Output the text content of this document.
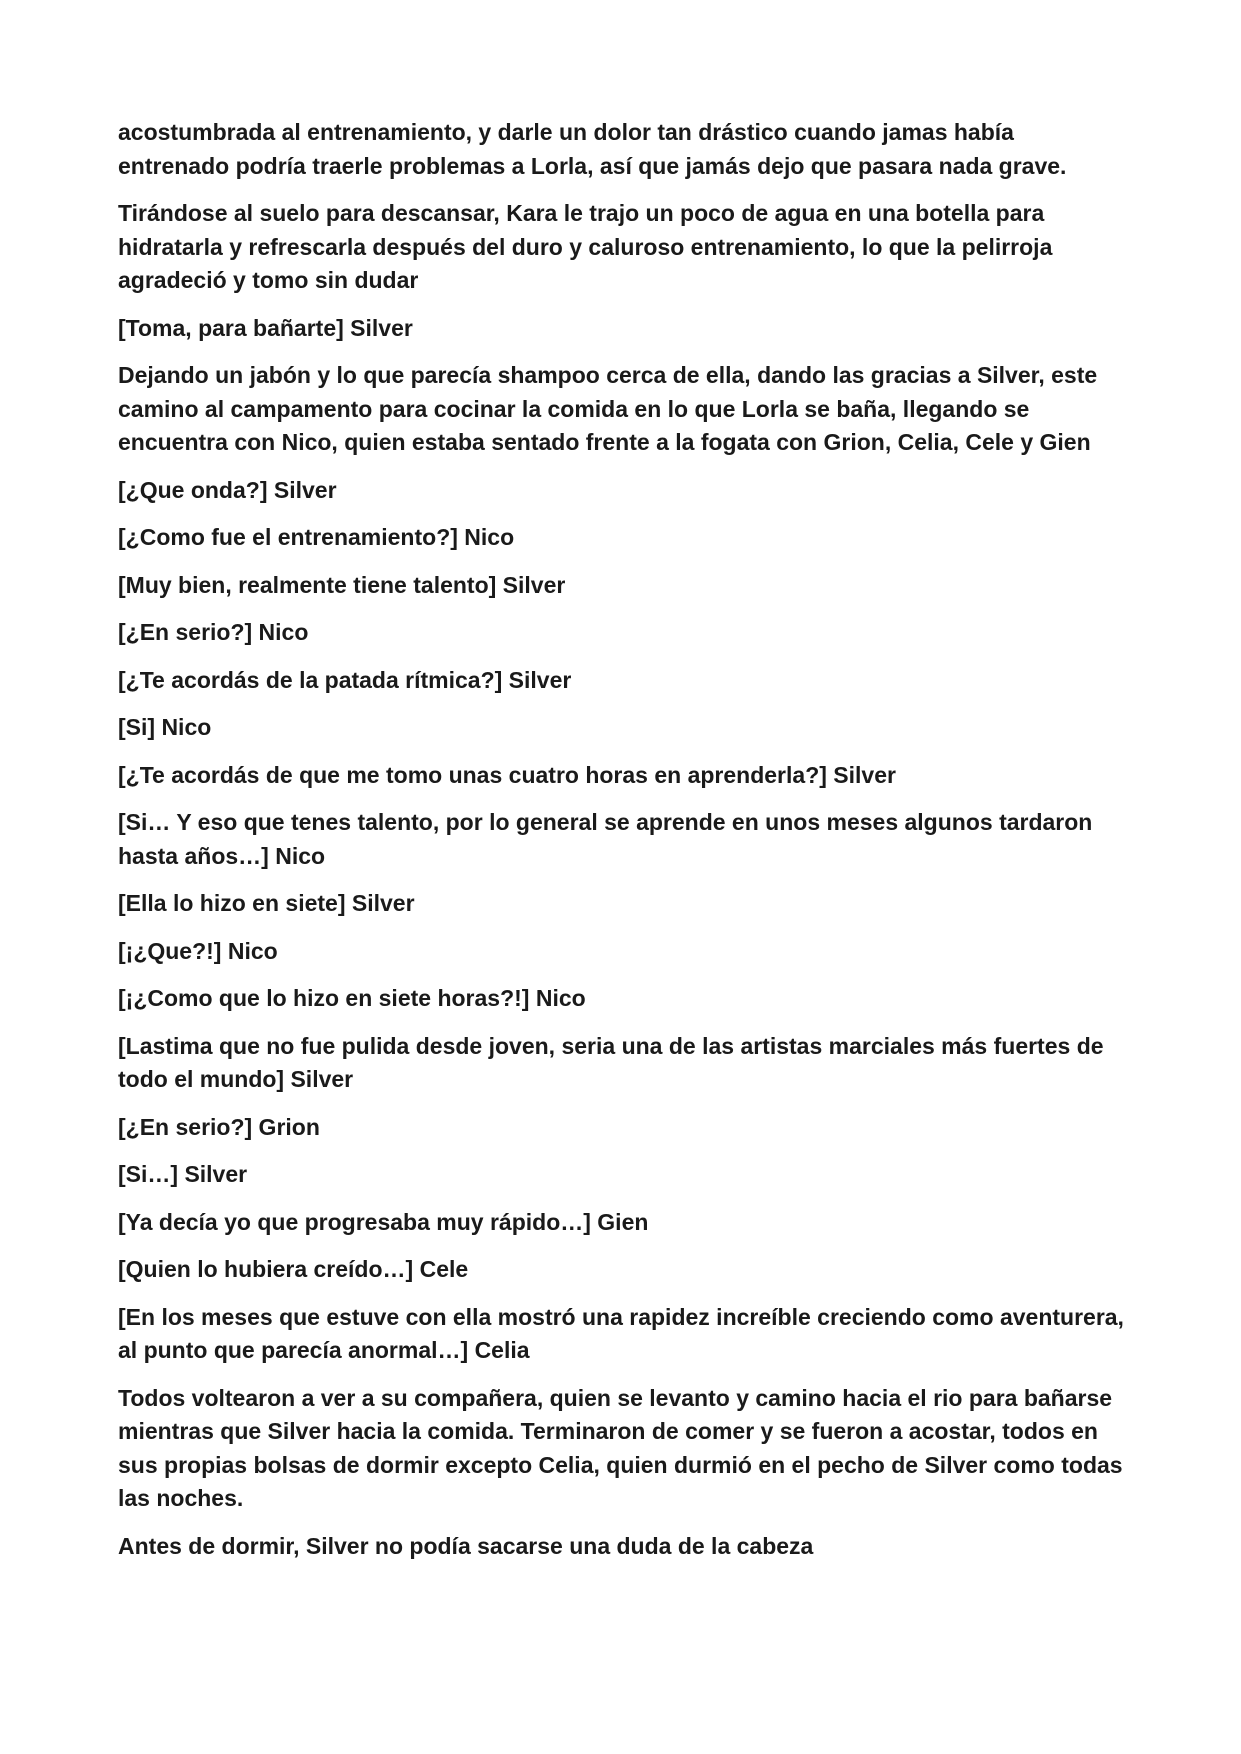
acostumbrada al entrenamiento, y darle un dolor tan drástico cuando jamas había entrenado podría traerle problemas a Lorla, así que jamás dejo que pasara nada grave.

Tirándose al suelo para descansar, Kara le trajo un poco de agua en una botella para hidratarla y refrescarla después del duro y caluroso entrenamiento, lo que la pelirroja agradeció y tomo sin dudar

[Toma, para bañarte] Silver

Dejando un jabón y lo que parecía shampoo cerca de ella, dando las gracias a Silver, este camino al campamento para cocinar la comida en lo que Lorla se baña, llegando se encuentra con Nico, quien estaba sentado frente a la fogata con Grion, Celia, Cele y Gien

[¿Que onda?] Silver

[¿Como fue el entrenamiento?] Nico

[Muy bien, realmente tiene talento] Silver

[¿En serio?] Nico

[¿Te acordás de la patada rítmica?] Silver

[Si] Nico

[¿Te acordás de que me tomo unas cuatro horas en aprenderla?] Silver

[Si… Y eso que tenes talento, por lo general se aprende en unos meses algunos tardaron hasta años…] Nico

[Ella lo hizo en siete] Silver

[¡¿Que?!] Nico

[¡¿Como que lo hizo en siete horas?!] Nico

[Lastima que no fue pulida desde joven, seria una de las artistas marciales más fuertes de todo el mundo] Silver

[¿En serio?] Grion

[Si…] Silver

[Ya decía yo que progresaba muy rápido…] Gien

[Quien lo hubiera creído…] Cele

[En los meses que estuve con ella mostró una rapidez increíble creciendo como aventurera, al punto que parecía anormal…] Celia

Todos voltearon a ver a su compañera, quien se levanto y camino hacia el rio para bañarse mientras que Silver hacia la comida. Terminaron de comer y se fueron a acostar, todos en sus propias bolsas de dormir excepto Celia, quien durmió en el pecho de Silver como todas las noches.

Antes de dormir, Silver no podía sacarse una duda de la cabeza
